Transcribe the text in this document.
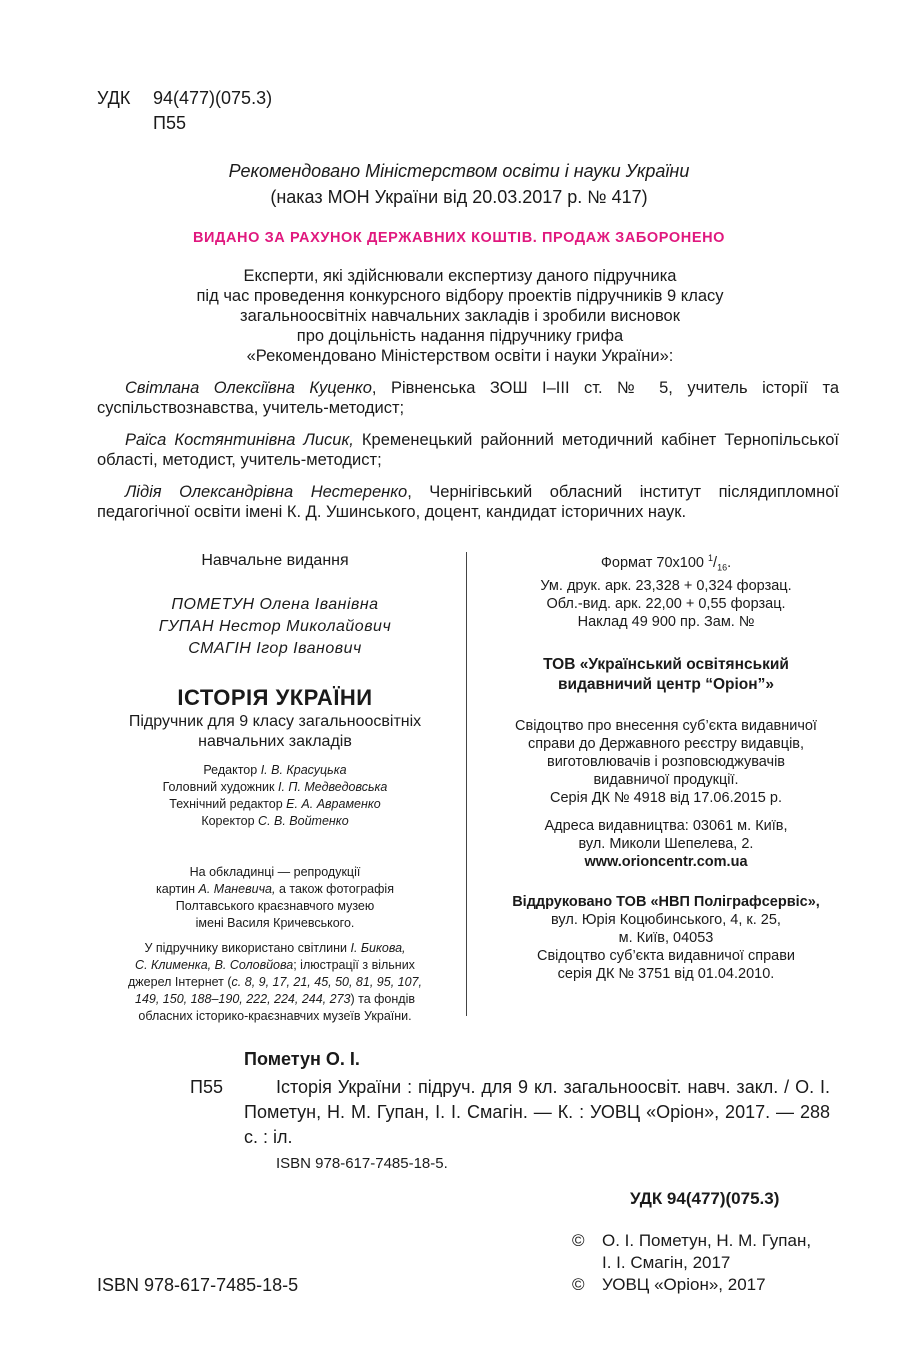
УДК 94(477)(075.3)
П55
Рекомендовано Міністерством освіти і науки України
(наказ МОН України від 20.03.2017 р. № 417)
ВИДАНО ЗА РАХУНОК ДЕРЖАВНИХ КОШТІВ. ПРОДАЖ ЗАБОРОНЕНО
Експерти, які здійснювали експертизу даного підручника
під час проведення конкурсного відбору проектів підручників 9 класу
загальноосвітніх навчальних закладів і зробили висновок
про доцільність надання підручнику грифа
«Рекомендовано Міністерством освіти і науки України»:
Світлана Олексіївна Куценко, Рівненська ЗОШ І–ІІІ ст. № 5, учитель історії та суспільствознавства, учитель-методист;
Раїса Костянтинівна Лисик, Кременецький районний методичний кабінет Тернопільської області, методист, учитель-методист;
Лідія Олександрівна Нестеренко, Чернігівський обласний інститут післядипломної педагогічної освіти імені К. Д. Ушинського, доцент, кандидат історичних наук.
Навчальне видання
ПОМЕТУН Олена Іванівна
ГУПАН Нестор Миколайович
СМАГІН Ігор Іванович
ІСТОРІЯ УКРАЇНИ
Підручник для 9 класу загальноосвітніх
навчальних закладів
Редактор І. В. Красуцька
Головний художник І. П. Медведовська
Технічний редактор Е. А. Авраменко
Коректор С. В. Войтенко
На обкладинці — репродукції
картин А. Маневича, а також фотографія
Полтавського краєзнавчого музею
імені Василя Кричевського.
У підручнику використано світлини І. Бикова,
С. Клименка, В. Соловйова; ілюстрації з вільних
джерел Інтернет (с. 8, 9, 17, 21, 45, 50, 81, 95, 107,
149, 150, 188–190, 222, 224, 244, 273) та фондів
обласних історико-краєзнавчих музеїв України.
Формат 70х100 $^1/_{16}$.
Ум. друк. арк. 23,328 + 0,324 форзац.
Обл.-вид. арк. 22,00 + 0,55 форзац.
Наклад 49 900 пр. Зам. №
ТОВ «Український освітянський
видавничий центр “Оріон”»
Свідоцтво про внесення суб’єкта видавничої
справи до Державного реєстру видавців,
виготовлювачів і розповсюджувачів
видавничої продукції.
Серія ДК № 4918 від 17.06.2015 р.
Адреса видавництва: 03061 м. Київ,
вул. Миколи Шепелева, 2.
www.orioncentr.com.ua
Віддруковано ТОВ «НВП Поліграфсервіс»,
вул. Юрія Коцюбинського, 4, к. 25,
м. Київ, 04053
Свідоцтво суб’єкта видавничої справи
серія ДК № 3751 від 01.04.2010.
Пометун О. І.
П55	Історія України : підруч. для 9 кл. загальноосвіт. навч. закл. / О. І. Пометун, Н. М. Гупан, І. І. Смагін. — К. : УОВЦ «Оріон», 2017. — 288 с. : іл.
ISBN 978-617-7485-18-5.
УДК 94(477)(075.3)
©	О. І. Пометун, Н. М. Гупан,
І. І. Смагін, 2017
©	УОВЦ «Оріон», 2017
ISBN 978-617-7485-18-5
